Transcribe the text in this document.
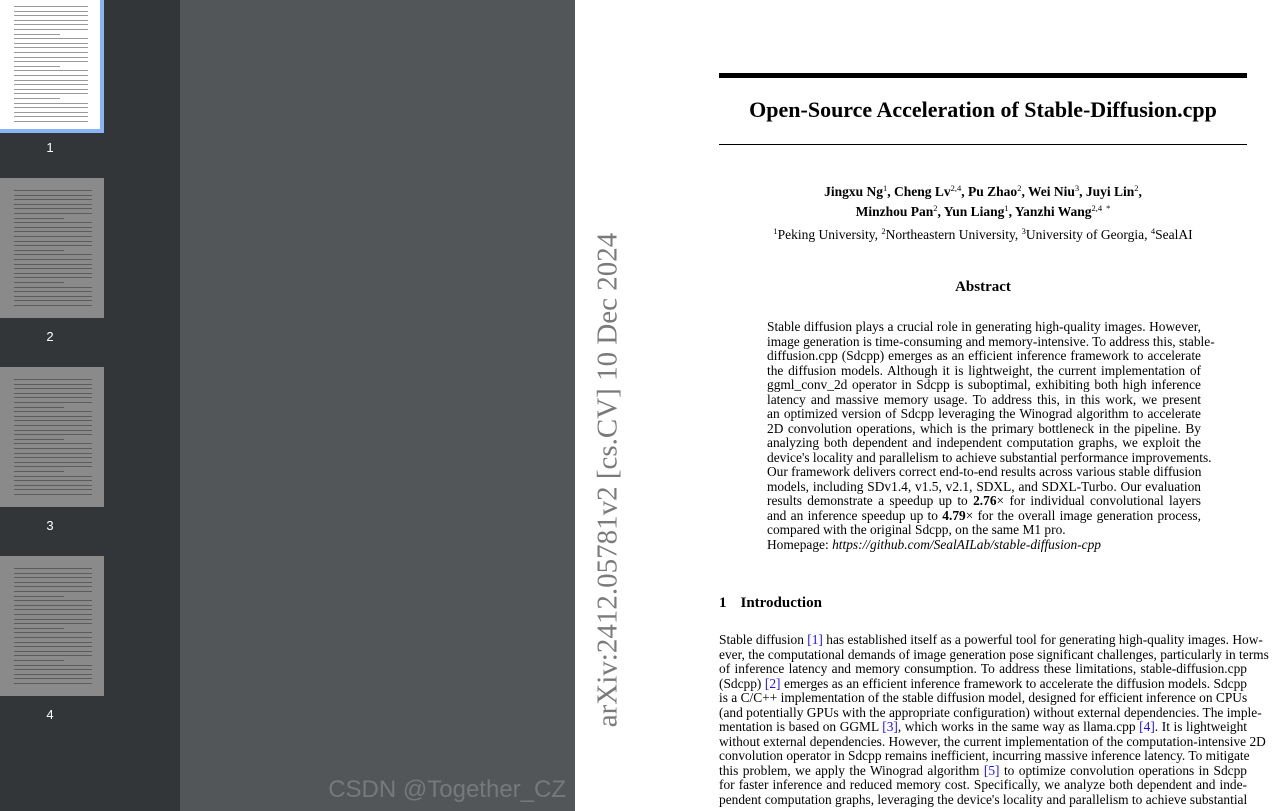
1
2
3
4
Open-Source Acceleration of Stable-Diffusion.cpp
Jingxu Ng$^1$, Cheng Lv$^{2,4}$, Pu Zhao$^2$, Wei Niu$^3$, Juyi Lin$^2$,
Minzhou Pan$^2$, Yun Liang$^1$, Yanzhi Wang$^{2,4}$ *
$^1$Peking University, $^2$Northeastern University, $^3$University of Georgia, $^4$SealAI
Abstract
Stable diffusion plays a crucial role in generating high-quality images. However,
image generation is time-consuming and memory-intensive. To address this, stable-
diffusion.cpp (Sdcpp) emerges as an efficient inference framework to accelerate
the diffusion models. Although it is lightweight, the current implementation of
ggml_conv_2d operator in Sdcpp is suboptimal, exhibiting both high inference
latency and massive memory usage. To address this, in this work, we present
an optimized version of Sdcpp leveraging the Winograd algorithm to accelerate
2D convolution operations, which is the primary bottleneck in the pipeline. By
analyzing both dependent and independent computation graphs, we exploit the
device's locality and parallelism to achieve substantial performance improvements.
Our framework delivers correct end-to-end results across various stable diffusion
models, including SDv1.4, v1.5, v2.1, SDXL, and SDXL-Turbo. Our evaluation
results demonstrate a speedup up to 2.76× for individual convolutional layers
and an inference speedup up to 4.79× for the overall image generation process,
compared with the original Sdcpp, on the same M1 pro.
Homepage: https://github.com/SealAILab/stable-diffusion-cpp
1 Introduction
Stable diffusion [1] has established itself as a powerful tool for generating high-quality images. How-
ever, the computational demands of image generation pose significant challenges, particularly in terms
of inference latency and memory consumption. To address these limitations, stable-diffusion.cpp
(Sdcpp) [2] emerges as an efficient inference framework to accelerate the diffusion models. Sdcpp
is a C/C++ implementation of the stable diffusion model, designed for efficient inference on CPUs
(and potentially GPUs with the appropriate configuration) without external dependencies. The imple-
mentation is based on GGML [3], which works in the same way as llama.cpp [4]. It is lightweight
without external dependencies. However, the current implementation of the computation-intensive 2D
convolution operator in Sdcpp remains inefficient, incurring massive inference latency. To mitigate
this problem, we apply the Winograd algorithm [5] to optimize convolution operations in Sdcpp
for faster inference and reduced memory cost. Specifically, we analyze both dependent and inde-
pendent computation graphs, leveraging the device's locality and parallelism to achieve substantial
arXiv:2412.05781v2 [cs.CV] 10 Dec 2024
CSDN @Together_CZ
